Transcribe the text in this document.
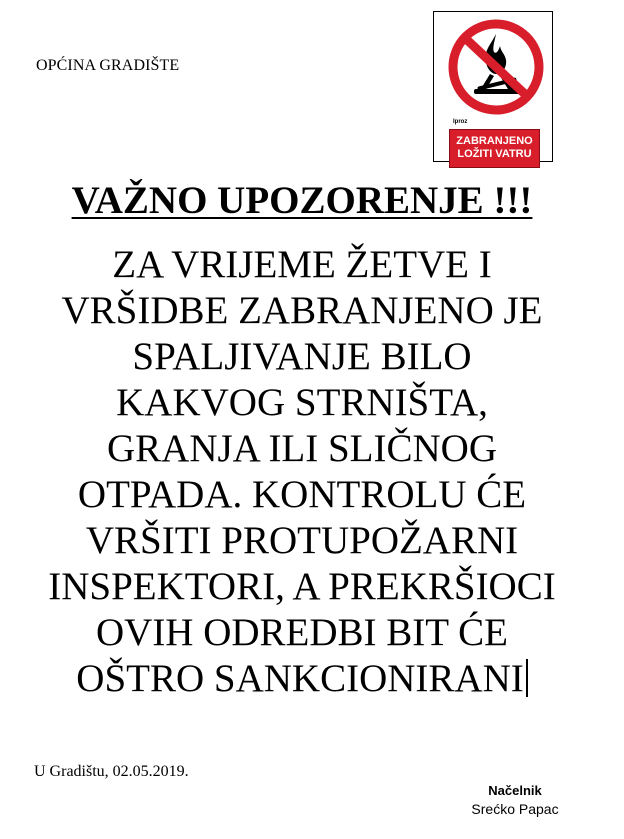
OPĆINA GRADIŠTE
Iproz
ZABRANJENO
LOŽITI VATRU
VAŽNO UPOZORENJE !!!
ZA VRIJEME ŽETVE I
VRŠIDBE ZABRANJENO JE
SPALJIVANJE BILO
KAKVOG STRNIŠTA,
GRANJA ILI SLIČNOG
OTPADA. KONTROLU ĆE
VRŠITI PROTUPOŽARNI
INSPEKTORI, A PREKRŠIOCI
OVIH ODREDBI BIT ĆE
OŠTRO SANKCIONIRANI
U Gradištu, 02.05.2019.
Načelnik
Srećko Papac
